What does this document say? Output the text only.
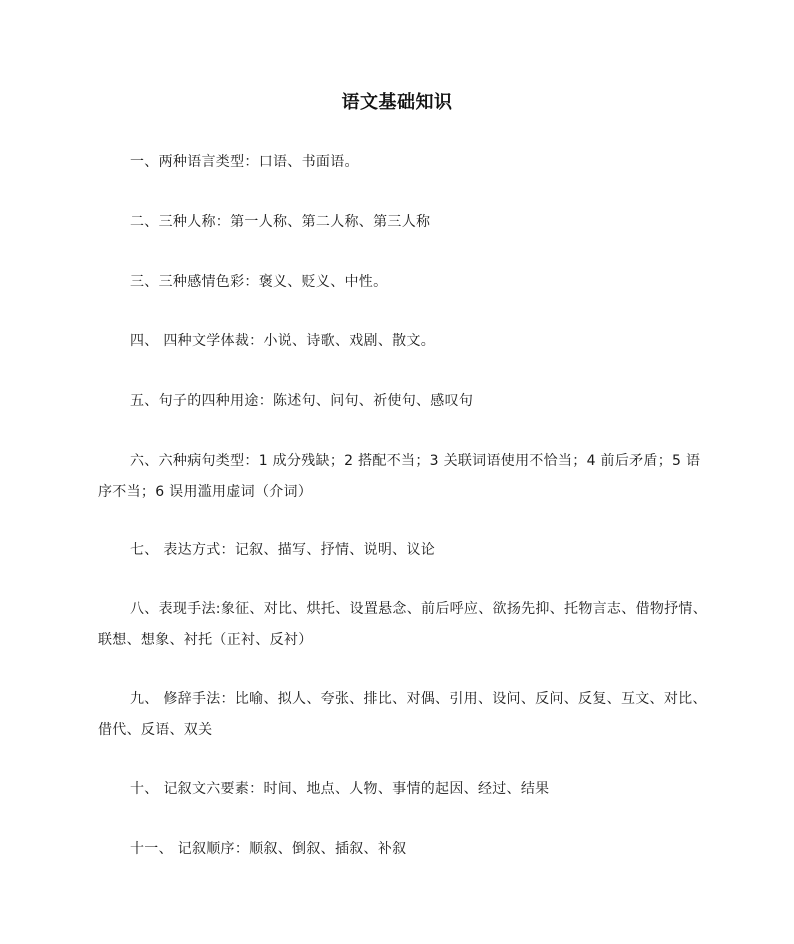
语文基础知识
一、两种语言类型：口语、书面语。
二、三种人称：第一人称、第二人称、第三人称
三、三种感情色彩：褒义、贬义、中性。
四、 四种文学体裁：小说、诗歌、戏剧、散文。
五、句子的四种用途：陈述句、问句、祈使句、感叹句
六、六种病句类型：1 成分残缺；2 搭配不当；3 关联词语使用不恰当；4 前后矛盾；5 语序不当；6 误用滥用虚词（介词）
七、 表达方式：记叙、描写、抒情、说明、议论
八、表现手法:象征、对比、烘托、设置悬念、前后呼应、欲扬先抑、托物言志、借物抒情、联想、想象、衬托（正衬、反衬）
九、 修辞手法：比喻、拟人、夸张、排比、对偶、引用、设问、反问、反复、互文、对比、借代、反语、双关
十、 记叙文六要素：时间、地点、人物、事情的起因、经过、结果
十一、 记叙顺序：顺叙、倒叙、插叙、补叙
